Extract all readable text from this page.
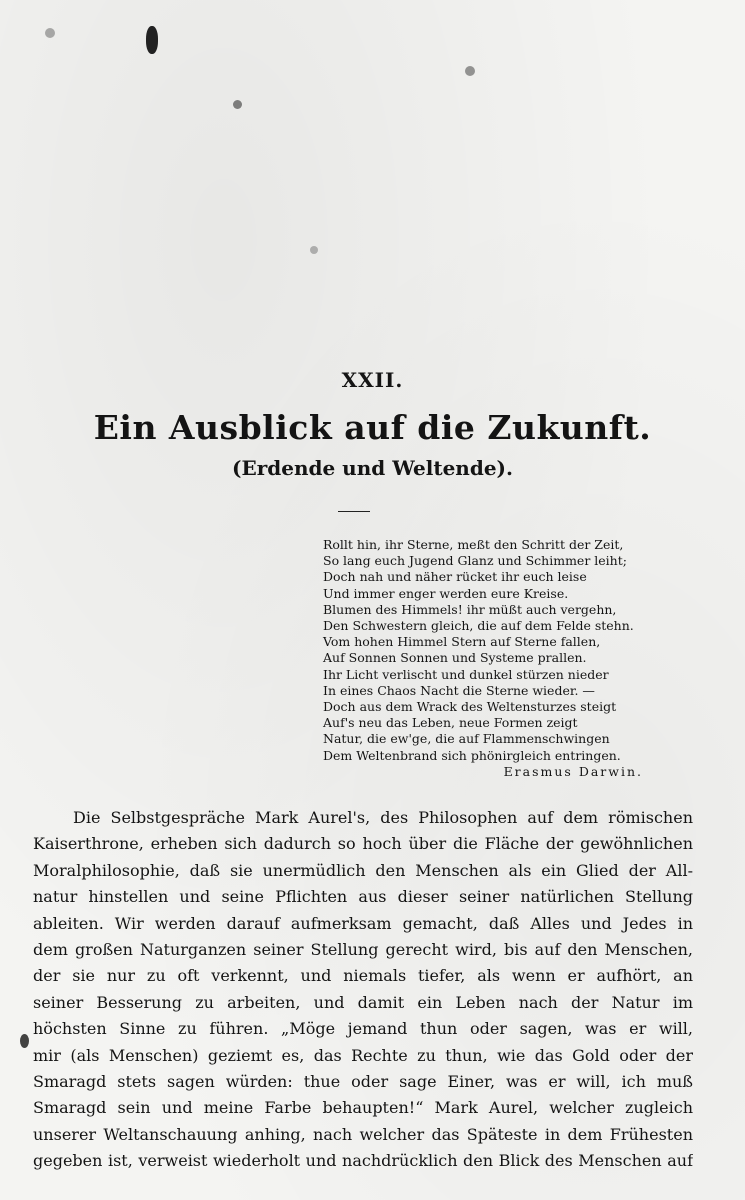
XXII.
Ein Ausblick auf die Zukunft.
(Erdende und Weltende).
Rollt hin, ihr Sterne, meßt den Schritt der Zeit,
So lang euch Jugend Glanz und Schimmer leiht;
Doch nah und näher rücket ihr euch leise
Und immer enger werden eure Kreise.
Blumen des Himmels! ihr müßt auch vergehn,
Den Schwestern gleich, die auf dem Felde stehn.
Vom hohen Himmel Stern auf Sterne fallen,
Auf Sonnen Sonnen und Systeme prallen.
Ihr Licht verlischt und dunkel stürzen nieder
In eines Chaos Nacht die Sterne wieder. —
Doch aus dem Wrack des Weltensturzes steigt
Auf's neu das Leben, neue Formen zeigt
Natur, die ew'ge, die auf Flammenschwingen
Dem Weltenbrand sich phönirgleich entringen.
Erasmus Darwin.
Die Selbstgespräche Mark Aurel's, des Philosophen auf dem römischen
Kaiserthrone, erheben sich dadurch so hoch über die Fläche der gewöhnlichen
Moralphilosophie, daß sie unermüdlich den Menschen als ein Glied der All-
natur hinstellen und seine Pflichten aus dieser seiner natürlichen Stellung
ableiten. Wir werden darauf aufmerksam gemacht, daß Alles und Jedes in
dem großen Naturganzen seiner Stellung gerecht wird, bis auf den Menschen,
der sie nur zu oft verkennt, und niemals tiefer, als wenn er aufhört, an
seiner Besserung zu arbeiten, und damit ein Leben nach der Natur im
höchsten Sinne zu führen. „Möge jemand thun oder sagen, was er will,
mir (als Menschen) geziemt es, das Rechte zu thun, wie das Gold oder der
Smaragd stets sagen würden: thue oder sage Einer, was er will, ich muß
Smaragd sein und meine Farbe behaupten!“ Mark Aurel, welcher zugleich
unserer Weltanschauung anhing, nach welcher das Späteste in dem Frühesten
gegeben ist, verweist wiederholt und nachdrücklich den Blick des Menschen auf
